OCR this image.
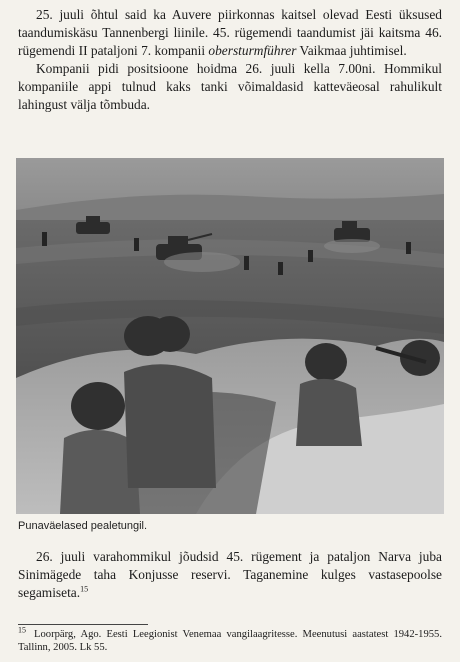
25. juuli õhtul said ka Auvere piirkonnas kaitsel olevad Eesti üksused taandumiskäsu Tannenbergi liinile. 45. rügemendi taandumist jäi kaitsma 46. rügemendi II pataljoni 7. kompanii obersturmführer Vaikmaa juhtimisel.

Kompanii pidi positsioone hoidma 26. juuli kella 7.00ni. Hommikul kompaniile appi tulnud kaks tanki võimaldasid katteväeosal rahulikult lahingust välja tõmbuda.

Punaväelased pealetungil.

26. juuli varahommikul jõudsid 45. rügement ja pataljon Narva juba Sinimägede taha Konjusse reservi. Taganemine kulges vastasepoolse segamiseta.$^{15}$

$^{15}$ Loorpärg, Ago. Eesti Leegionist Venemaa vangilaagritesse. Meenutusi aastatest 1942-1955. Tallinn, 2005. Lk 55.
